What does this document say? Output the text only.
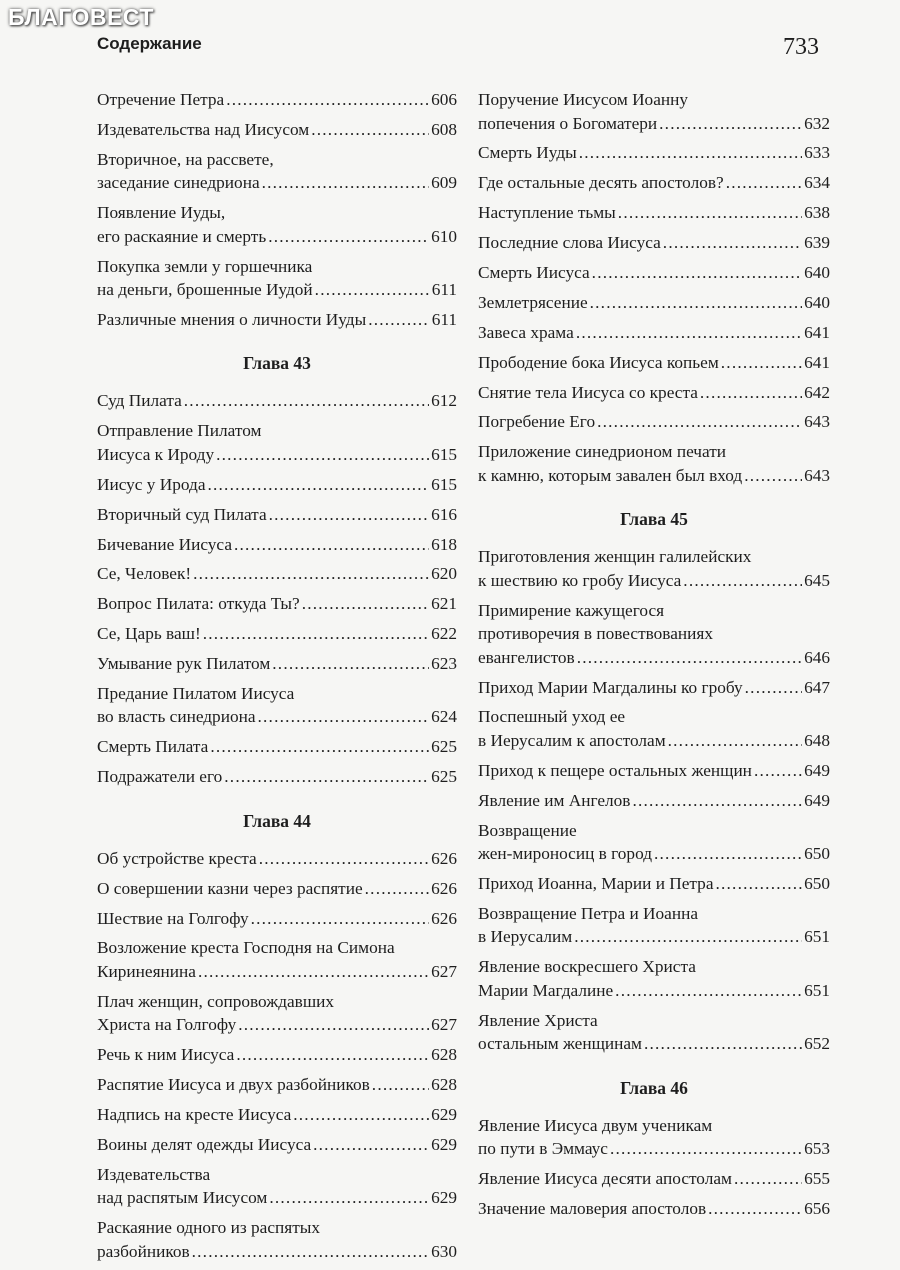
БЛАГОВЕСТ
Содержание	733
Отречение Петра .....	606
Издевательства над Иисусом .....	608
Вторичное, на рассвете,
заседание синедриона .....	609
Появление Иуды,
его раскаяние и смерть .....	610
Покупка земли у горшечника
на деньги, брошенные Иудой .....	611
Различные мнения о личности Иуды .....	611
Глава 43
Суд Пилата .....	612
Отправление Пилатом
Иисуса к Ироду .....	615
Иисус у Ирода .....	615
Вторичный суд Пилата .....	616
Бичевание Иисуса .....	618
Се, Человек! .....	620
Вопрос Пилата: откуда Ты? .....	621
Се, Царь ваш! .....	622
Умывание рук Пилатом .....	623
Предание Пилатом Иисуса
во власть синедриона .....	624
Смерть Пилата .....	625
Подражатели его .....	625
Глава 44
Об устройстве креста .....	626
О совершении казни через распятие .....	626
Шествие на Голгофу .....	626
Возложение креста Господня на Симона
Киринеянина .....	627
Плач женщин, сопровождавших
Христа на Голгофу .....	627
Речь к ним Иисуса .....	628
Распятие Иисуса и двух разбойников .....	628
Надпись на кресте Иисуса .....	629
Воины делят одежды Иисуса .....	629
Издевательства
над распятым Иисусом .....	629
Раскаяние одного из распятых
разбойников .....	630
Поручение Иисусом Иоанну
попечения о Богоматери .....	632
Смерть Иуды .....	633
Где остальные десять апостолов? .....	634
Наступление тьмы .....	638
Последние слова Иисуса .....	639
Смерть Иисуса .....	640
Землетрясение .....	640
Завеса храма .....	641
Прободение бока Иисуса копьем .....	641
Снятие тела Иисуса со креста .....	642
Погребение Его .....	643
Приложение синедрионом печати
к камню, которым завален был вход .....	643
Глава 45
Приготовления женщин галилейских
к шествию ко гробу Иисуса .....	645
Примирение кажущегося
противоречия в повествованиях
евангелистов .....	646
Приход Марии Магдалины ко гробу .....	647
Поспешный уход ее
в Иерусалим к апостолам .....	648
Приход к пещере остальных женщин .....	649
Явление им Ангелов .....	649
Возвращение
жен-мироносиц в город .....	650
Приход Иоанна, Марии и Петра .....	650
Возвращение Петра и Иоанна
в Иерусалим .....	651
Явление воскресшего Христа
Марии Магдалине .....	651
Явление Христа
остальным женщинам .....	652
Глава 46
Явление Иисуса двум ученикам
по пути в Эммаус .....	653
Явление Иисуса десяти апостолам .....	655
Значение маловерия апостолов .....	656
